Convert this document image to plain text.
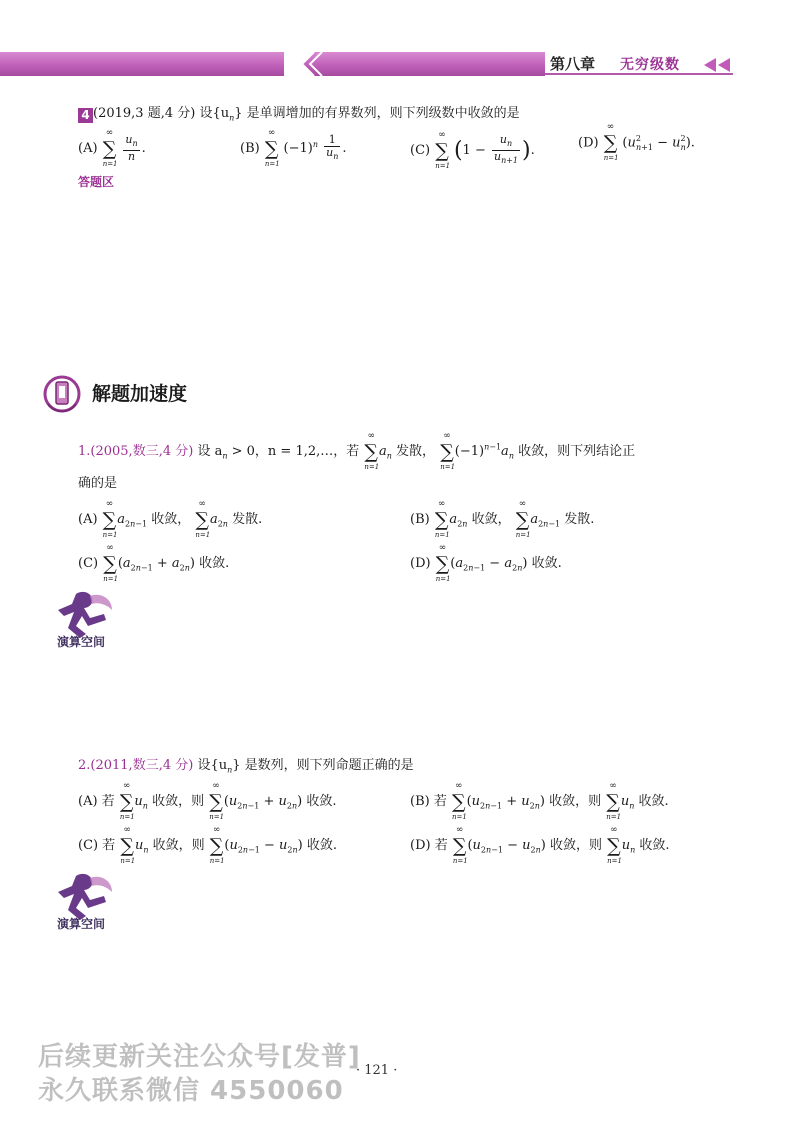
第八章 无穷级数
4 (2019,3 题,4 分) 设$\{u_n\}$ 是单调增加的有界数列，则下列级数中收敛的是
(A)
∞
∑
n=1

$\frac{u_n}{n}$ .	(B)
∞
∑
n=1
$(-1)^n \frac{1}{u_n}$ .	(C)
∞
∑
n=1
($1 - \frac{u_n}{u_{n+1}}$ ).
(D)
∞
∑
n=1
$(u^2_{n+1} - u^2_n)$.
答题区
解题加速度
1.(2005,数三,4 分) 设 $a_n > 0$，n = 1,2,…，若
∞
∑
n=1
$a_n$ 发散，
∞
∑
n=1
$(-1)^{n-1}a_n$ 收敛，则下列结论正
确的是
(A)
∞
∑
n=1
$a_{2n-1}$ 收敛，
∞
∑
n=1
$a_{2n}$ 发散.	(B)
∞
∑
n=1
$a_{2n}$ 收敛，
∞
∑
n=1
$a_{2n-1}$ 发散.
(C)
∞
∑
n=1
$(a_{2n-1} + a_{2n})$ 收敛.	(D)
∞
∑
n=1
$(a_{2n-1} - a_{2n})$ 收敛.
演算空间
2.(2011,数三,4 分) 设$\{u_n\}$ 是数列，则下列命题正确的是
(A) 若
∞
∑
n=1
$u_n$ 收敛，则
∞
∑
n=1
$(u_{2n-1} + u_{2n})$ 收敛.	(B) 若
∞
∑
n=1
$(u_{2n-1} + u_{2n})$ 收敛，则
∞
∑
n=1
$u_n$ 收敛.
(C) 若
∞
∑
n=1
$u_n$ 收敛，则
∞
∑
n=1
$(u_{2n-1} - u_{2n})$ 收敛.	(D) 若
∞
∑
n=1
$(u_{2n-1} - u_{2n})$ 收敛，则
∞
∑
n=1
$u_n$ 收敛.
演算空间
后续更新关注公众号[发普]
· 121 ·
永久联系微信 4550060
